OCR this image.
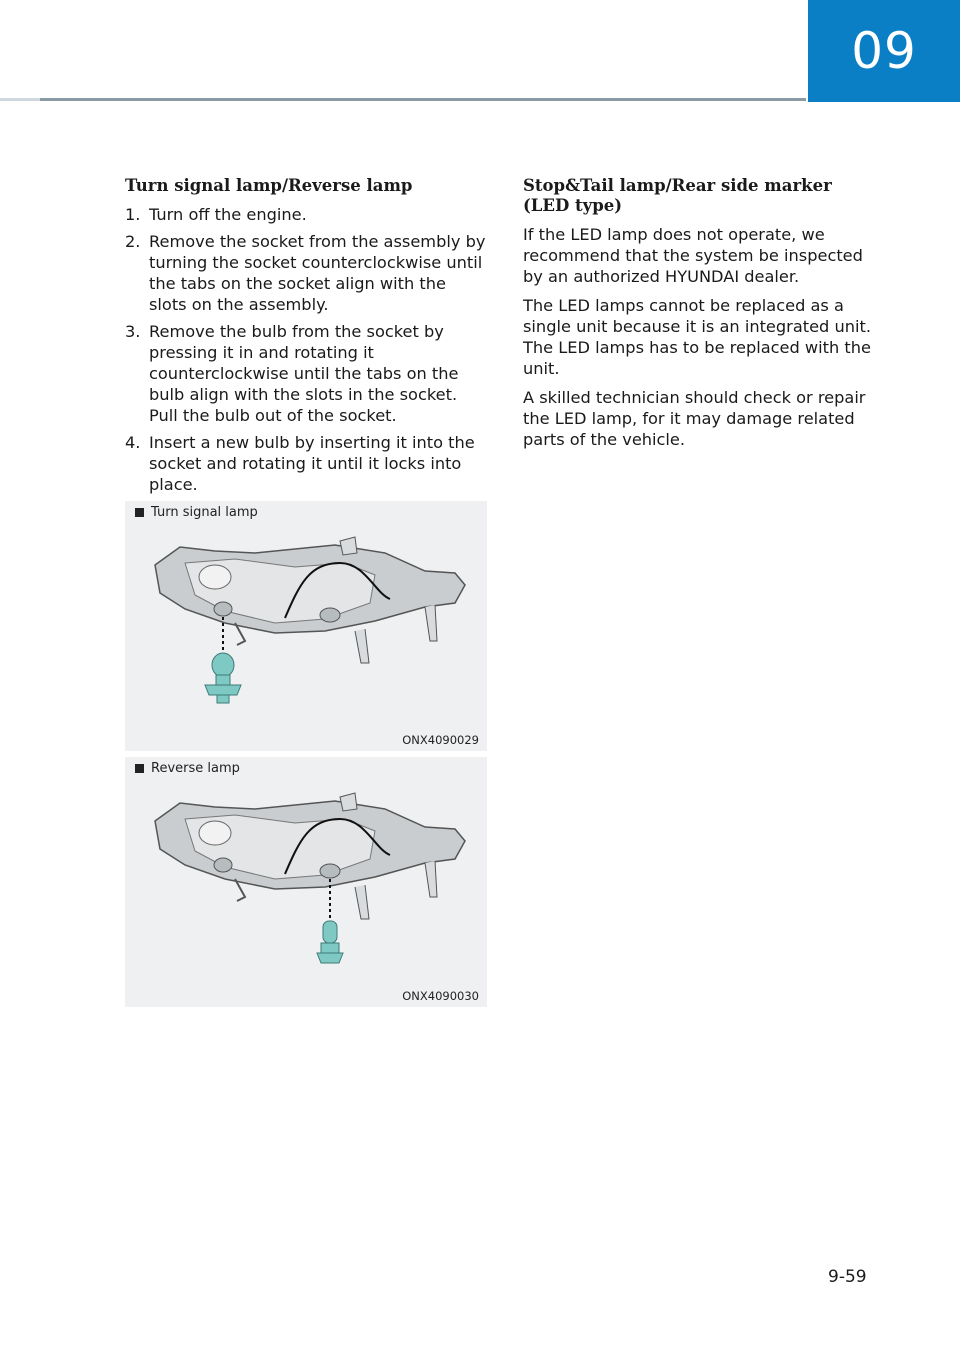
09
Turn signal lamp/Reverse lamp
1. Turn off the engine.
2. Remove the socket from the assembly by turning the socket counterclockwise until the tabs on the socket align with the slots on the assembly.
3. Remove the bulb from the socket by pressing it in and rotating it counterclockwise until the tabs on the bulb align with the slots in the socket. Pull the bulb out of the socket.
4. Insert a new bulb by inserting it into the socket and rotating it until it locks into place.
Turn signal lamp
ONX4090029
Reverse lamp
ONX4090030
Stop&Tail lamp/Rear side marker (LED type)

If the LED lamp does not operate, we recommend that the system be inspected by an authorized HYUNDAI dealer.

The LED lamps cannot be replaced as a single unit because it is an integrated unit. The LED lamps has to be replaced with the unit.

A skilled technician should check or repair the LED lamp, for it may damage related parts of the vehicle.

9-59
